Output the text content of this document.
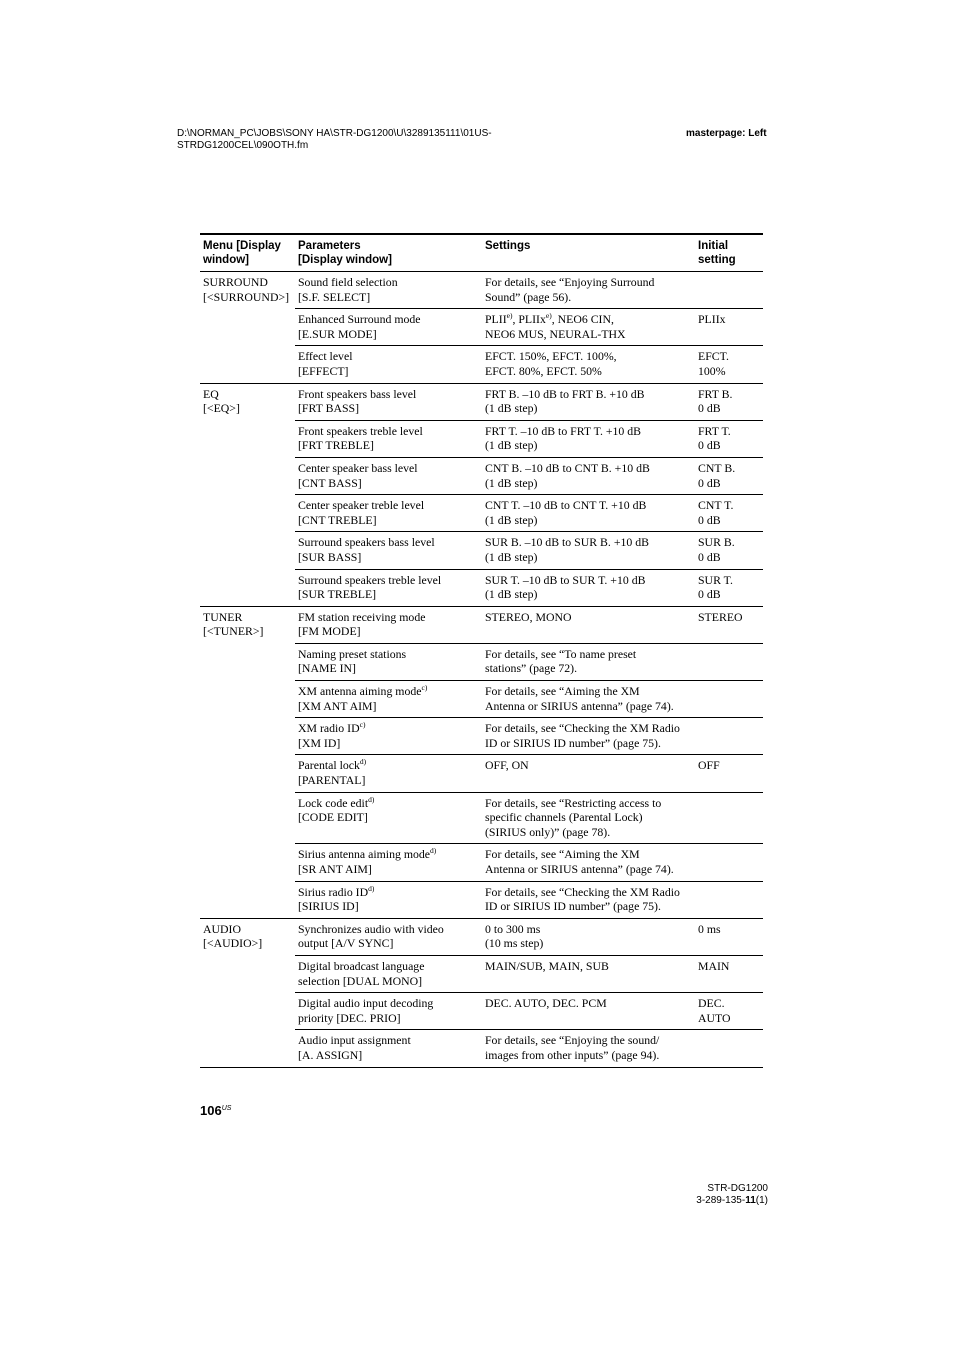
D:\NORMAN_PC\JOBS\SONY HA\STR-DG1200\U\3289135111\01US-
STRDG1200CEL\090OTH.fm
masterpage: Left
Menu [Display
window]	Parameters
[Display window]	Settings	Initial
setting

SURROUND
[<SURROUND>]	Sound field selection
[S.F. SELECT]	For details, see “Enjoying Surround
Sound” (page 56).	

	Enhanced Surround mode
[E.SUR MODE]	PLII$^{e)}$, PLIIx$^{e)}$, NEO6 CIN,
NEO6 MUS, NEURAL-THX	PLIIx

	Effect level
[EFFECT]	EFCT. 150%, EFCT. 100%,
EFCT. 80%, EFCT. 50%	EFCT.
100%

EQ
[<EQ>]	Front speakers bass level
[FRT BASS]	FRT B. –10 dB to FRT B. +10 dB
(1 dB step)	FRT B.
0 dB

	Front speakers treble level
[FRT TREBLE]	FRT T. –10 dB to FRT T. +10 dB
(1 dB step)	FRT T.
0 dB

	Center speaker bass level
[CNT BASS]	CNT B. –10 dB to CNT B. +10 dB
(1 dB step)	CNT B.
0 dB

	Center speaker treble level
[CNT TREBLE]	CNT T. –10 dB to CNT T. +10 dB
(1 dB step)	CNT T.
0 dB

	Surround speakers bass level
[SUR BASS]	SUR B. –10 dB to SUR B. +10 dB
(1 dB step)	SUR B.
0 dB

	Surround speakers treble level
[SUR TREBLE]	SUR T. –10 dB to SUR T. +10 dB
(1 dB step)	SUR T.
0 dB

TUNER
[<TUNER>]	FM station receiving mode
[FM MODE]	STEREO, MONO	STEREO

	Naming preset stations
[NAME IN]	For details, see “To name preset
stations” (page 72).	

	XM antenna aiming mode$^{c)}$
[XM ANT AIM]	For details, see “Aiming the XM
Antenna or SIRIUS antenna” (page 74).	

	XM radio ID$^{c)}$
[XM ID]	For details, see “Checking the XM Radio
ID or SIRIUS ID number” (page 75).	

	Parental lock$^{d)}$
[PARENTAL]	OFF, ON	OFF

	Lock code edit$^{d)}$
[CODE EDIT]	For details, see “Restricting access to
specific channels (Parental Lock)
(SIRIUS only)” (page 78).	

	Sirius antenna aiming mode$^{d)}$
[SR ANT AIM]	For details, see “Aiming the XM
Antenna or SIRIUS antenna” (page 74).	

	Sirius radio ID$^{d)}$
[SIRIUS ID]	For details, see “Checking the XM Radio
ID or SIRIUS ID number” (page 75).	

AUDIO
[<AUDIO>]	Synchronizes audio with video
output [A/V SYNC]	0 to 300 ms
(10 ms step)	0 ms

	Digital broadcast language
selection [DUAL MONO]	MAIN/SUB, MAIN, SUB	MAIN

	Digital audio input decoding
priority [DEC. PRIO]	DEC. AUTO, DEC. PCM	DEC.
AUTO

	Audio input assignment
[A. ASSIGN]	For details, see “Enjoying the sound/
images from other inputs” (page 94).	

$106^{US}$
STR-DG1200
3-289-135-11(1)
